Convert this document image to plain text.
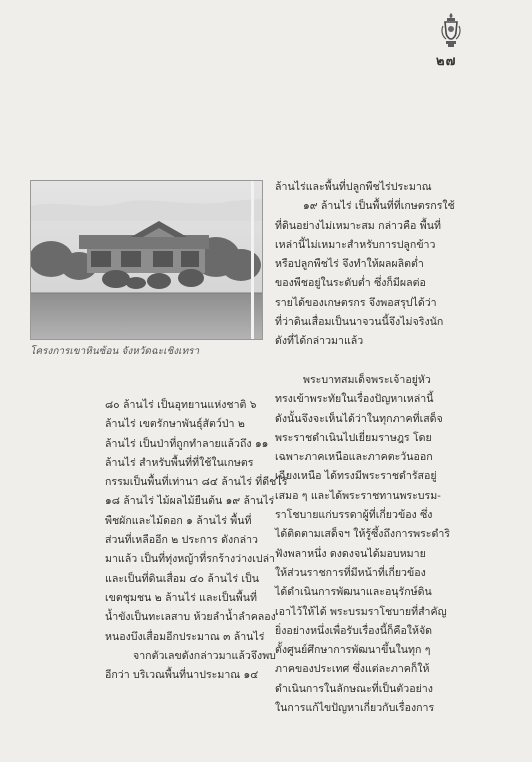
๒๗
โครงการเขาหินซ้อน จังหวัดฉะเชิงเทรา

ล้านไร่และพื้นที่ปลูกพืชไร่ประมาณ

๑๙ ล้านไร่ เป็นพื้นที่ที่เกษตรกรใช้

ที่ดินอย่างไม่เหมาะสม กล่าวคือ พื้นที่

เหล่านี้ไม่เหมาะสำหรับการปลูกข้าว

หรือปลูกพืชไร่ จึงทำให้ผลผลิตต่ำ

ของพืชอยู่ในระดับต่ำ ซึ่งก็มีผลต่อ

รายได้ของเกษตรกร จึงพอสรุปได้ว่า

ที่ว่าดินเสื่อมเป็นนาจวนนี้จึงไม่จริงนัก

ดังที่ได้กล่าวมาแล้ว

พระบาทสมเด็จพระเจ้าอยู่หัว

ทรงเข้าพระทัยในเรื่องปัญหาเหล่านี้

ดังนั้นจึงจะเห็นได้ว่าในทุกภาคที่เสด็จ

พระราชดำเนินไปเยี่ยมราษฎร โดย

เฉพาะภาคเหนือและภาคตะวันออก

เฉียงเหนือ ได้ทรงมีพระราชดำรัสอยู่

เสมอ ๆ และได้พระราชทานพระบรม-

ราโชบายแก่บรรดาผู้ที่เกี่ยวข้อง ซึ่ง

ได้ติดตามเสด็จฯ ให้รู้ซึ้งถึงการพระดำริ

ฟังพลาหนึ่ง ดงดงจนได้มอบหมาย

ให้ส่วนราชการที่มีหน้าที่เกี่ยวข้อง

ได้ดำเนินการพัฒนาและอนุรักษ์ดิน

เอาไว้ให้ได้ พระบรมราโชบายที่สำคัญ

ยิ่งอย่างหนึ่งเพื่อรับเรื่องนี้ก็คือให้จัด

ตั้งศูนย์ศึกษาการพัฒนาขึ้นในทุก ๆ

ภาคของประเทศ ซึ่งแต่ละภาคก็ให้

ดำเนินการในลักษณะที่เป็นตัวอย่าง

ในการแก้ไขปัญหาเกี่ยวกับเรื่องการ

๘๐ ล้านไร่ เป็นอุทยานแห่งชาติ ๖

ล้านไร่ เขตรักษาพันธุ์สัตว์ป่า ๒

ล้านไร่ เป็นป่าที่ถูกทำลายแล้วถึง ๑๑

ล้านไร่ สำหรับพื้นที่ที่ใช้ในเกษตร

กรรมเป็นพื้นที่เท่านา ๘๔ ล้านไร่ ที่ดีชไร่

๑๘ ล้านไร่ ไม้ผลไม้ยืนต้น ๑๙ ล้านไร่

พืชผักและไม้ดอก ๑ ล้านไร่ พื้นที่

ส่วนที่เหลืออีก ๒ ประการ ดังกล่าว

มาแล้ว เป็นที่ทุ่งหญ้าที่รกร้างว่างเปล่า

และเป็นที่ดินเสื่อม ๔๐ ล้านไร่ เป็น

เขตชุมชน ๒ ล้านไร่ และเป็นพื้นที่

น้ำขังเป็นทะเลสาบ ห้วยลำน้ำลำคลอง

หนองบึงเสื่อมอีกประมาณ ๓ ล้านไร่

จากตัวเลขดังกล่าวมาแล้วจึงพบ

อีกว่า บริเวณพื้นที่นาประมาณ ๑๔
